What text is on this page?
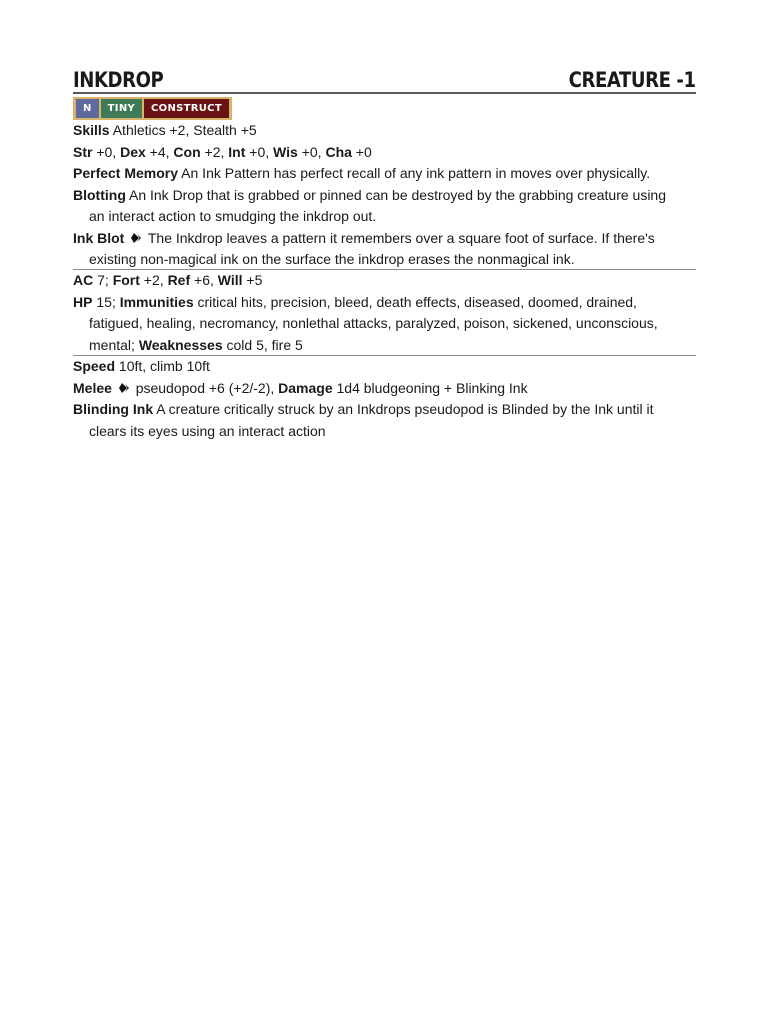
INKDROP	CREATURE -1
N	TINY	CONSTRUCT
Skills Athletics +2, Stealth +5
Str +0, Dex +4, Con +2, Int +0, Wis +0, Cha +0
Perfect Memory An Ink Pattern has perfect recall of any ink pattern in moves over physically.
Blotting An Ink Drop that is grabbed or pinned can be destroyed by the grabbing creature using
an interact action to smudging the inkdrop out.
Ink Blot  The Inkdrop leaves a pattern it remembers over a square foot of surface. If there's
existing non-magical ink on the surface the inkdrop erases the nonmagical ink.
AC 7; Fort +2, Ref +6, Will +5
HP 15; Immunities critical hits, precision, bleed, death effects, diseased, doomed, drained,
fatigued, healing, necromancy, nonlethal attacks, paralyzed, poison, sickened, unconscious,
mental; Weaknesses cold 5, fire 5
Speed 10ft, climb 10ft
Melee  pseudopod +6 (+2/-2), Damage 1d4 bludgeoning + Blinking Ink
Blinding Ink A creature critically struck by an Inkdrops pseudopod is Blinded by the Ink until it
clears its eyes using an interact action
